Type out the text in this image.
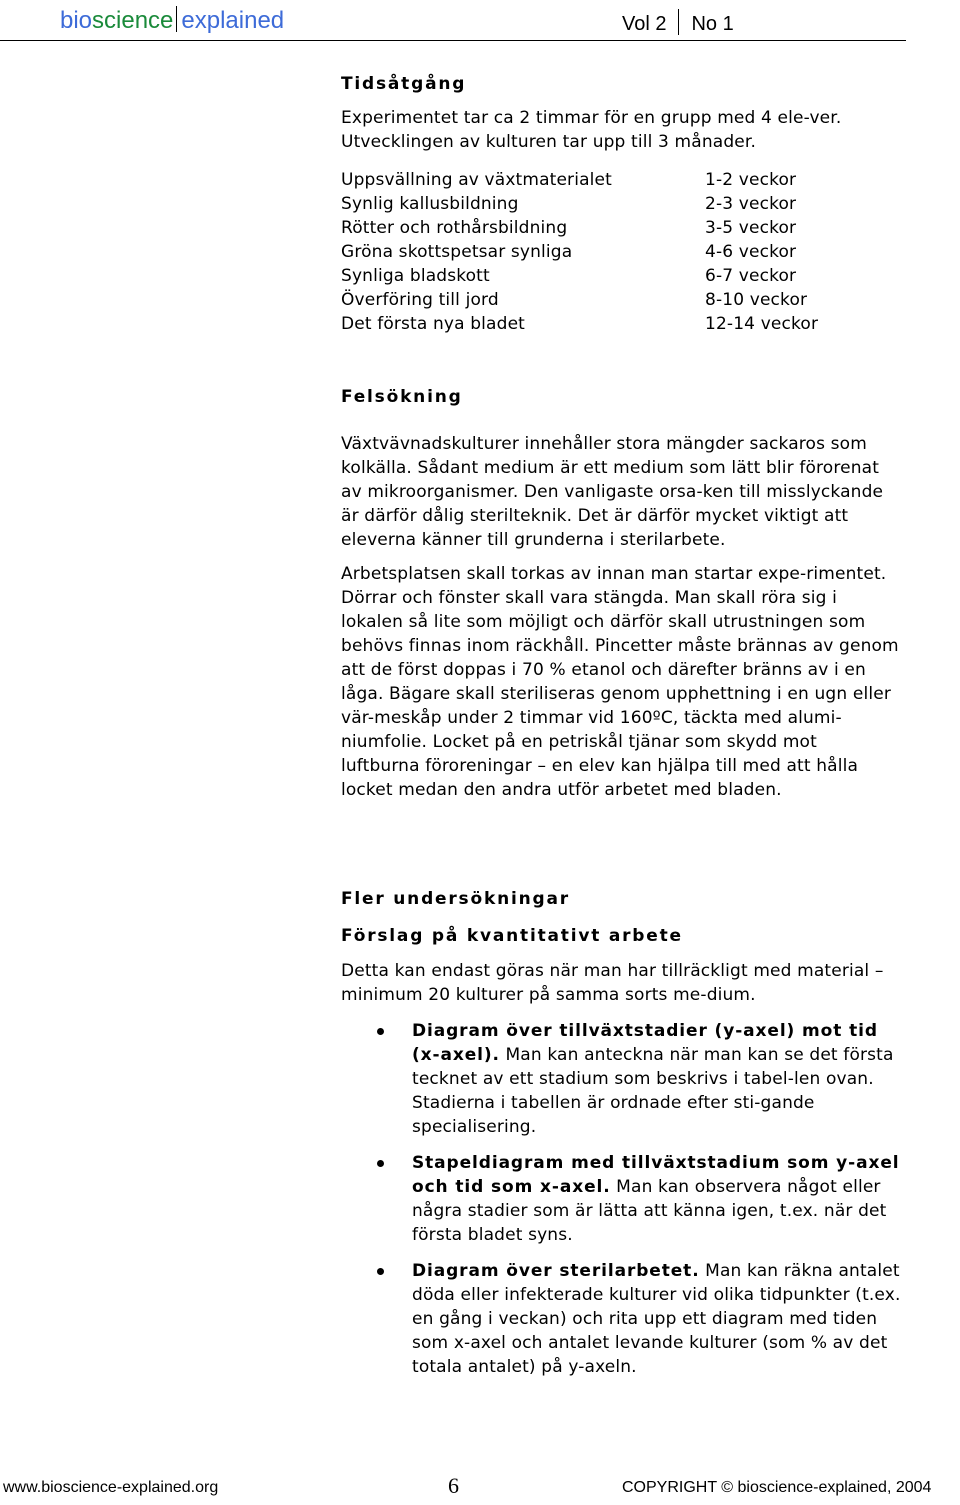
bioscience explained	Vol 2 No 1
Tidsåtgång

Experimentet tar ca 2 timmar för en grupp med 4 ele-ver. Utvecklingen av kulturen tar upp till 3 månader.

Uppsvällning av växtmaterialet	1-2 veckor
Synlig kallusbildning	2-3 veckor
Rötter och rothårsbildning	3-5 veckor
Gröna skottspetsar synliga	4-6 veckor
Synliga bladskott	6-7 veckor
Överföring till jord	8-10 veckor
Det första nya bladet	12-14 veckor
Felsökning

Växtvävnadskulturer innehåller stora mängder sackaros som kolkälla. Sådant medium är ett medium som lätt blir förorenat av mikroorganismer. Den vanligaste orsa-ken till misslyckande är därför dålig sterilteknik. Det är därför mycket viktigt att eleverna känner till grunderna i sterilarbete.

Arbetsplatsen skall torkas av innan man startar expe-rimentet. Dörrar och fönster skall vara stängda. Man skall röra sig i lokalen så lite som möjligt och därför skall utrustningen som behövs finnas inom räckhåll. Pincetter måste brännas av genom att de först doppas i 70 % etanol och därefter bränns av i en låga. Bägare skall steriliseras genom upphettning i en ugn eller vär-meskåp under 2 timmar vid 160ºC, täckta med alumi-niumfolie. Locket på en petriskål tjänar som skydd mot luftburna föroreningar – en elev kan hjälpa till med att hålla locket medan den andra utför arbetet med bladen.

Fler undersökningar
Förslag på kvantitativt arbete

Detta kan endast göras när man har tillräckligt med material – minimum 20 kulturer på samma sorts me-dium.

Diagram över tillväxtstadier (y-axel) mot tid (x-axel). Man kan anteckna när man kan se det första tecknet av ett stadium som beskrivs i tabel-len ovan. Stadierna i tabellen är ordnade efter sti-gande specialisering.
Stapeldiagram med tillväxtstadium som y-axel och tid som x-axel. Man kan observera något eller några stadier som är lätta att känna igen, t.ex. när det första bladet syns.
Diagram över sterilarbetet. Man kan räkna antalet döda eller infekterade kulturer vid olika tidpunkter (t.ex. en gång i veckan) och rita upp ett diagram med tiden som x-axel och antalet levande kulturer (som % av det totala antalet) på y-axeln.
www.bioscience-explained.org	6	COPYRIGHT © bioscience-explained, 2004
